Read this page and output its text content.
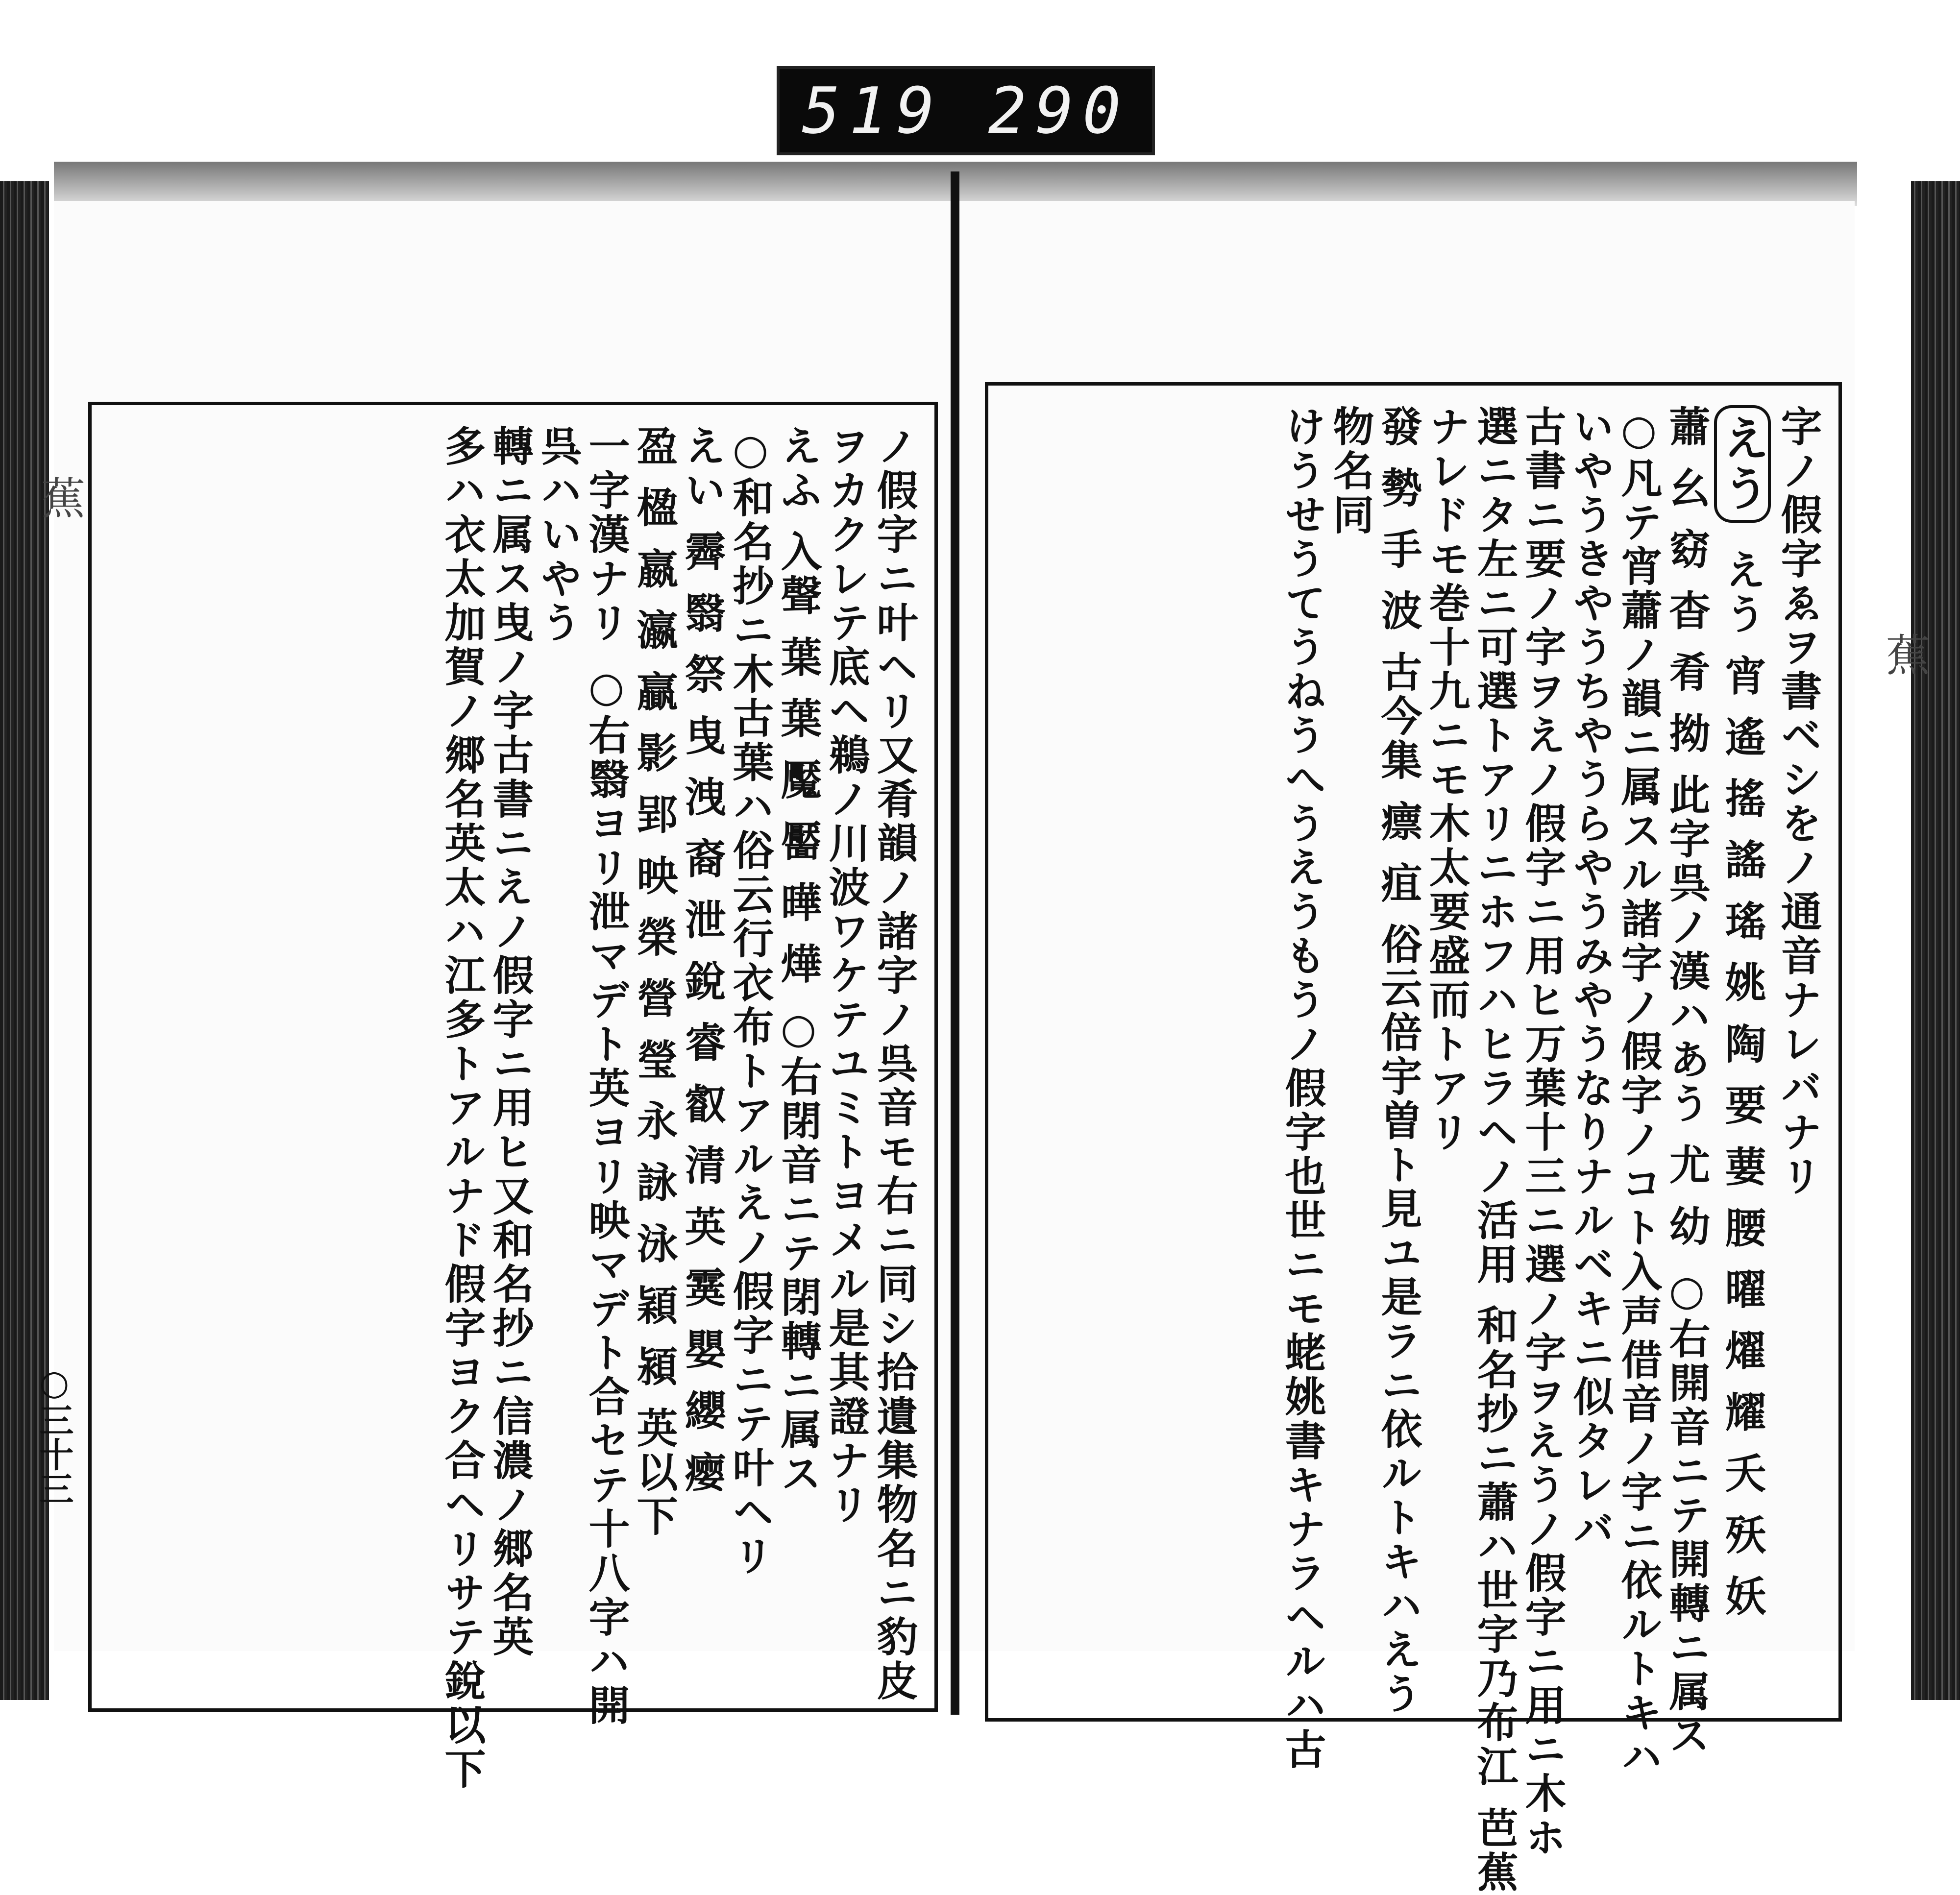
519 290
蕉
蕉
○三十三
字ノ假字ゑヲ書ベシをノ通音ナレバナリ
えう えう 宵 遙 搖 謠 瑤 姚 陶 要 葽 腰 曜 燿 耀 夭 殀 妖
蕭 幺 窈 杳 肴 拗 此字呉ノ漢ハあう 尤 幼 ○右開音ニテ開轉ニ属ス
○凡テ宵蕭ノ韻ニ属スル諸字ノ假字ノコト入声借音ノ字ニ依ルトキハ
いやうきやうちやうらやうみやうなりナルベキニ似タレバ
古書ニ要ノ字ヲえノ假字ニ用ヒ万葉十三ニ選ノ字ヲえうノ假字ニ用ニ木ホ
選ニタ左ニ可選トアリニホフハヒラヘノ活用 和名抄ニ蕭ハ世字乃布江 芭蕉
ナレドモ巻十九ニモ木太要盛而トアリ
發 勢 手 波 古今集 瘭 疽 俗云倍宇曽ト見ユ是ラニ依ルトキハえう
物名同
けうせうてうねうへうえうもうノ假字也世ニモ蛯姚書キナラヘルハ古
ノ假字ニ叶ヘリ又肴韻ノ諸字ノ呉音モ右ニ同シ拾遺集物名ニ豹皮
ヲカクレテ底ヘ鵜ノ川波ワケテユミトヨメル是其證ナリ
えふ 入聲 葉 葉 魘 靨 曄 燁 ○右閉音ニテ閉轉ニ属ス
○和名抄ニ木古葉ハ俗云行衣布トアルえノ假字ニテ叶ヘリ
えい 霽 翳 祭 曳 洩 裔 泄 銳 睿 叡 清 英 霙 嬰 纓 瘿
盈 楹 嬴 瀛 贏 影 郢 映 榮 營 瑩 永 詠 泳 穎 潁 英以下
一字漢ナリ ○右翳ヨリ泄マデト英ヨリ映マデト合セテ十八字ハ開
呉ハいやう
轉ニ属ス曳ノ字古書ニえノ假字ニ用ヒ又和名抄ニ信濃ノ郷名英
多ハ衣太加賀ノ郷名英太ハ江多トアルナド假字ヨク合ヘリサテ銳以下
